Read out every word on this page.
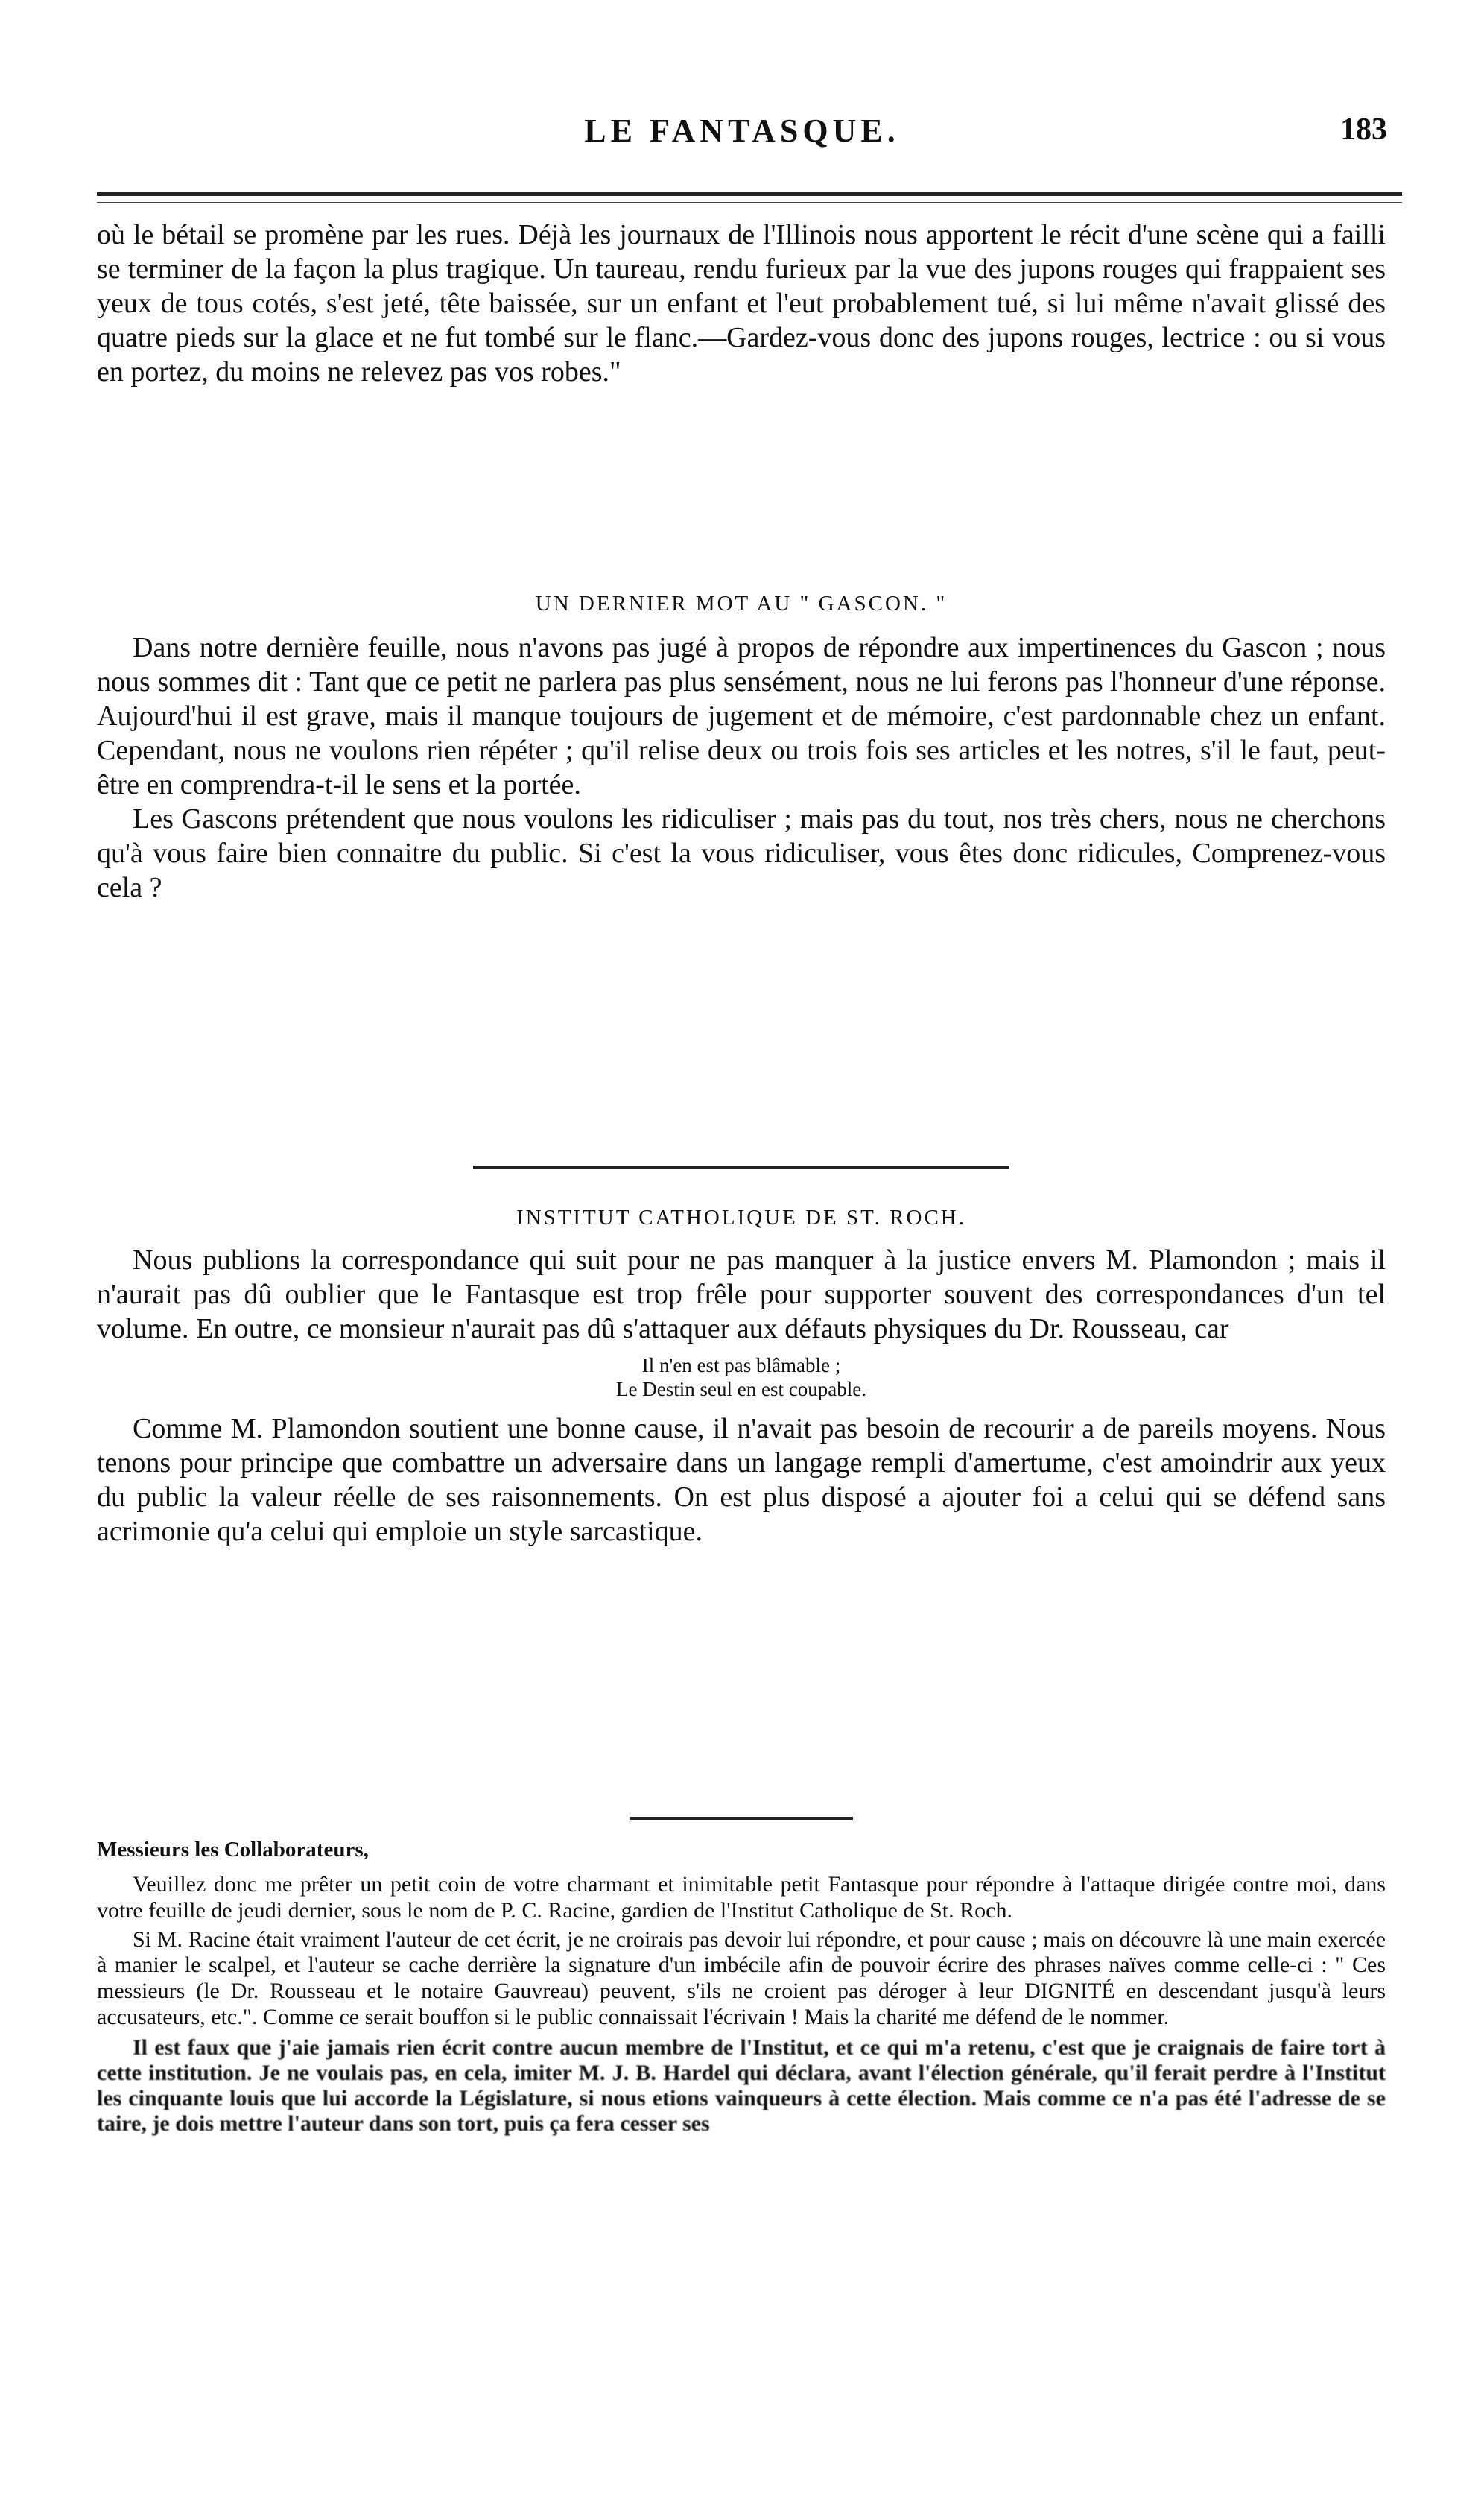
LE FANTASQUE.	183

où le bétail se promène par les rues. Déjà les journaux de l'Illinois nous apportent le récit d'une scène qui a failli se terminer de la façon la plus tragique. Un taureau, rendu furieux par la vue des jupons rouges qui frappaient ses yeux de tous cotés, s'est jeté, tête baissée, sur un enfant et l'eut probablement tué, si lui même n'avait glissé des quatre pieds sur la glace et ne fut tombé sur le flanc.—Gardez-vous donc des jupons rouges, lectrice : ou si vous en portez, du moins ne relevez pas vos robes."

UN DERNIER MOT AU " GASCON. "

Dans notre dernière feuille, nous n'avons pas jugé à propos de répondre aux impertinences du Gascon ; nous nous sommes dit : Tant que ce petit ne parlera pas plus sensément, nous ne lui ferons pas l'honneur d'une réponse. Aujourd'hui il est grave, mais il manque toujours de jugement et de mémoire, c'est pardonnable chez un enfant. Cependant, nous ne voulons rien répéter ; qu'il relise deux ou trois fois ses articles et les notres, s'il le faut, peut-être en comprendra-t-il le sens et la portée.

Les Gascons prétendent que nous voulons les ridiculiser ; mais pas du tout, nos très chers, nous ne cherchons qu'à vous faire bien connaitre du public. Si c'est la vous ridiculiser, vous êtes donc ridicules, Comprenez-vous cela ?

INSTITUT CATHOLIQUE DE ST. ROCH.

Nous publions la correspondance qui suit pour ne pas manquer à la justice envers M. Plamondon ; mais il n'aurait pas dû oublier que le Fantasque est trop frêle pour supporter souvent des correspondances d'un tel volume. En outre, ce monsieur n'aurait pas dû s'attaquer aux défauts physiques du Dr. Rousseau, car

Il n'en est pas blâmable ;
Le Destin seul en est coupable.

Comme M. Plamondon soutient une bonne cause, il n'avait pas besoin de recourir a de pareils moyens. Nous tenons pour principe que combattre un adversaire dans un langage rempli d'amertume, c'est amoindrir aux yeux du public la valeur réelle de ses raisonnements. On est plus disposé a ajouter foi a celui qui se défend sans acrimonie qu'a celui qui emploie un style sarcastique.

Messieurs les Collaborateurs,

Veuillez donc me prêter un petit coin de votre charmant et inimitable petit Fantasque pour répondre à l'attaque dirigée contre moi, dans votre feuille de jeudi dernier, sous le nom de P. C. Racine, gardien de l'Institut Catholique de St. Roch.

Si M. Racine était vraiment l'auteur de cet écrit, je ne croirais pas devoir lui répondre, et pour cause ; mais on découvre là une main exercée à manier le scalpel, et l'auteur se cache derrière la signature d'un imbécile afin de pouvoir écrire des phrases naïves comme celle-ci : " Ces messieurs (le Dr. Rousseau et le notaire Gauvreau) peuvent, s'ils ne croient pas déroger à leur DIGNITÉ en descendant jusqu'à leurs accusateurs, etc.". Comme ce serait bouffon si le public connaissait l'écrivain ! Mais la charité me défend de le nommer.

Il est faux que j'aie jamais rien écrit contre aucun membre de l'Institut, et ce qui m'a retenu, c'est que je craignais de faire tort à cette institution. Je ne voulais pas, en cela, imiter M. J. B. Hardel qui déclara, avant l'élection générale, qu'il ferait perdre à l'Institut les cinquante louis que lui accorde la Législature, si nous etions vainqueurs à cette élection. Mais comme ce n'a pas été l'adresse de se taire, je dois mettre l'auteur dans son tort, puis ça fera cesser ses
